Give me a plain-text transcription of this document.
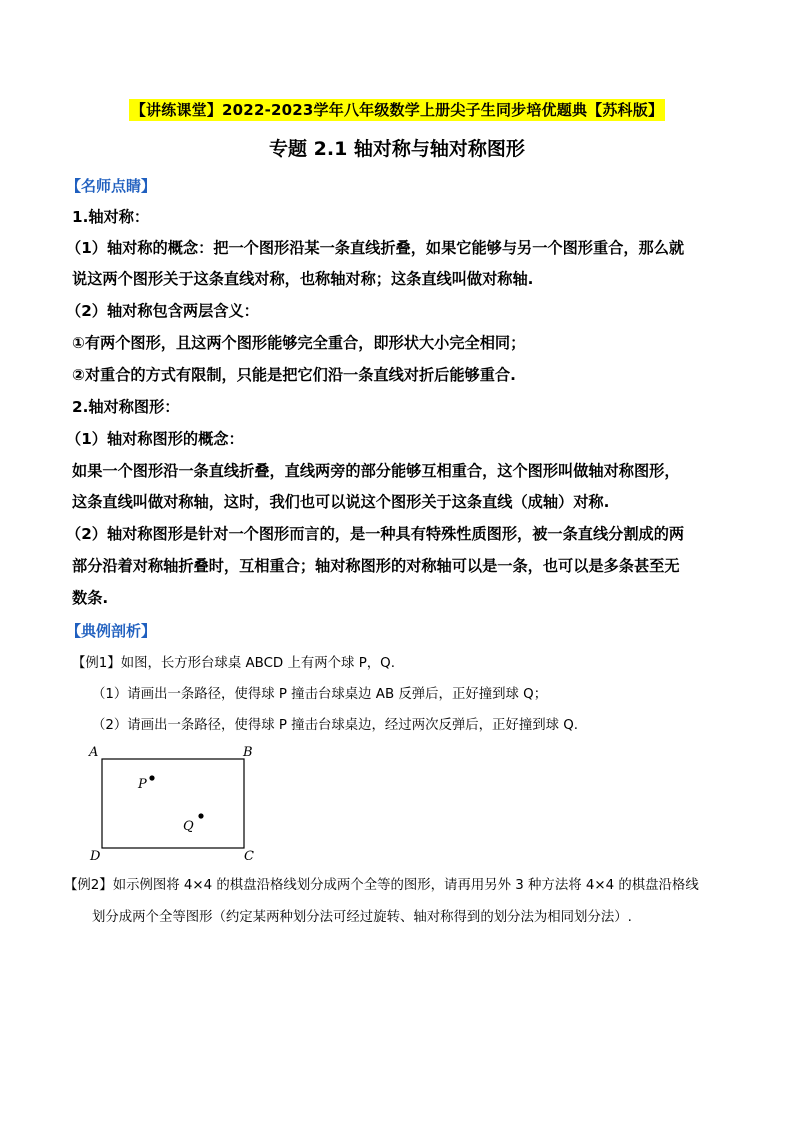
【讲练课堂】2022-2023学年八年级数学上册尖子生同步培优题典【苏科版】
专题 2.1 轴对称与轴对称图形
【名师点睛】
1.轴对称：
（1）轴对称的概念：把一个图形沿某一条直线折叠，如果它能够与另一个图形重合，那么就
说这两个图形关于这条直线对称，也称轴对称；这条直线叫做对称轴.
（2）轴对称包含两层含义：
①有两个图形，且这两个图形能够完全重合，即形状大小完全相同；
②对重合的方式有限制，只能是把它们沿一条直线对折后能够重合.
2.轴对称图形：
（1）轴对称图形的概念：
如果一个图形沿一条直线折叠，直线两旁的部分能够互相重合，这个图形叫做轴对称图形，
这条直线叫做对称轴，这时，我们也可以说这个图形关于这条直线（成轴）对称.
（2）轴对称图形是针对一个图形而言的，是一种具有特殊性质图形，被一条直线分割成的两
部分沿着对称轴折叠时，互相重合；轴对称图形的对称轴可以是一条，也可以是多条甚至无
数条.
【典例剖析】
【例1】如图，长方形台球桌 ABCD 上有两个球 P，Q.
（1）请画出一条路径，使得球 P 撞击台球桌边 AB 反弹后，正好撞到球 Q；
（2）请画出一条路径，使得球 P 撞击台球桌边，经过两次反弹后，正好撞到球 Q.
A	B
C
D
P
Q
【例2】如示例图将 4×4 的棋盘沿格线划分成两个全等的图形，请再用另外 3 种方法将 4×4 的棋盘沿格线
划分成两个全等图形（约定某两种划分法可经过旋转、轴对称得到的划分法为相同划分法）.
